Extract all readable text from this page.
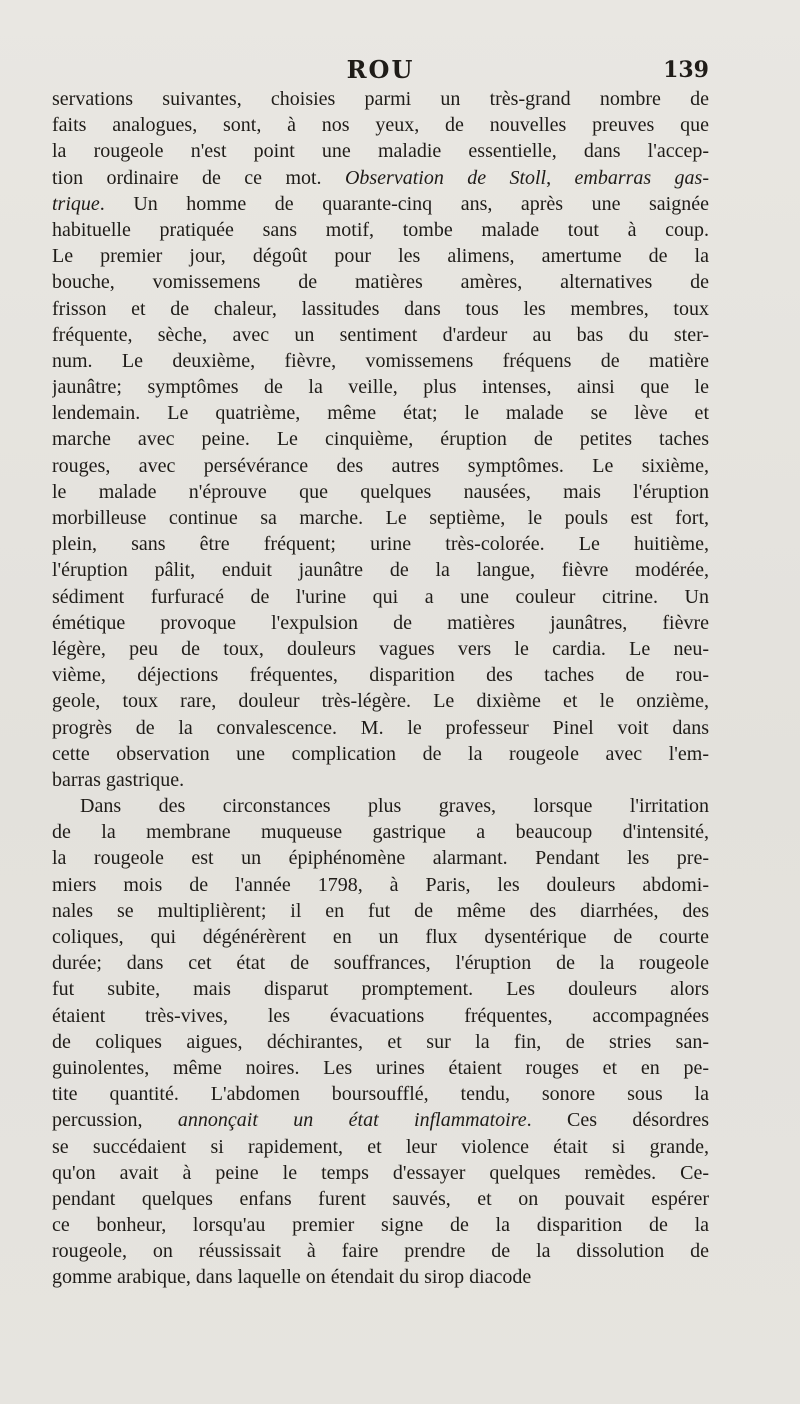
ROU	139
servations suivantes, choisies parmi un très-grand nombre de
faits analogues, sont, à nos yeux, de nouvelles preuves que
la rougeole n'est point une maladie essentielle, dans l'accep-
tion ordinaire de ce mot. Observation de Stoll, embarras gas-
trique. Un homme de quarante-cinq ans, après une saignée
habituelle pratiquée sans motif, tombe malade tout à coup.
Le premier jour, dégoût pour les alimens, amertume de la
bouche, vomissemens de matières amères, alternatives de
frisson et de chaleur, lassitudes dans tous les membres, toux
fréquente, sèche, avec un sentiment d'ardeur au bas du ster-
num. Le deuxième, fièvre, vomissemens fréquens de matière
jaunâtre; symptômes de la veille, plus intenses, ainsi que le
lendemain. Le quatrième, même état; le malade se lève et
marche avec peine. Le cinquième, éruption de petites taches
rouges, avec persévérance des autres symptômes. Le sixième,
le malade n'éprouve que quelques nausées, mais l'éruption
morbilleuse continue sa marche. Le septième, le pouls est fort,
plein, sans être fréquent; urine très-colorée. Le huitième,
l'éruption pâlit, enduit jaunâtre de la langue, fièvre modérée,
sédiment furfuracé de l'urine qui a une couleur citrine. Un
émétique provoque l'expulsion de matières jaunâtres, fièvre
légère, peu de toux, douleurs vagues vers le cardia. Le neu-
vième, déjections fréquentes, disparition des taches de rou-
geole, toux rare, douleur très-légère. Le dixième et le onzième,
progrès de la convalescence. M. le professeur Pinel voit dans
cette observation une complication de la rougeole avec l'em-
barras gastrique.
Dans des circonstances plus graves, lorsque l'irritation
de la membrane muqueuse gastrique a beaucoup d'intensité,
la rougeole est un épiphénomène alarmant. Pendant les pre-
miers mois de l'année 1798, à Paris, les douleurs abdomi-
nales se multiplièrent; il en fut de même des diarrhées, des
coliques, qui dégénérèrent en un flux dysentérique de courte
durée; dans cet état de souffrances, l'éruption de la rougeole
fut subite, mais disparut promptement. Les douleurs alors
étaient très-vives, les évacuations fréquentes, accompagnées
de coliques aigues, déchirantes, et sur la fin, de stries san-
guinolentes, même noires. Les urines étaient rouges et en pe-
tite quantité. L'abdomen boursoufflé, tendu, sonore sous la
percussion, annonçait un état inflammatoire. Ces désordres
se succédaient si rapidement, et leur violence était si grande,
qu'on avait à peine le temps d'essayer quelques remèdes. Ce-
pendant quelques enfans furent sauvés, et on pouvait espérer
ce bonheur, lorsqu'au premier signe de la disparition de la
rougeole, on réussissait à faire prendre de la dissolution de
gomme arabique, dans laquelle on étendait du sirop diacode
